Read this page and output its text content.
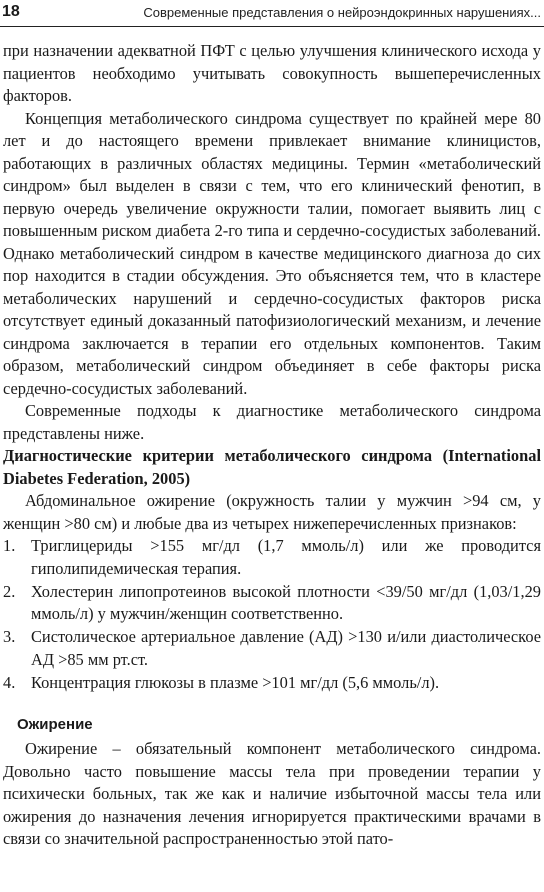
18	Современные представления о нейроэндокринных нарушениях...

при назначении адекватной ПФТ с целью улучшения клинического исхода у пациентов необходимо учитывать совокупность вышеперечисленных факторов.

Концепция метаболического синдрома существует по крайней мере 80 лет и до настоящего времени привлекает внимание клиницистов, работающих в различных областях медицины. Термин «метаболический синдром» был выделен в связи с тем, что его клинический фенотип, в первую очередь увеличение окружности талии, помогает выявить лиц с повышенным риском диабета 2-го типа и сердечно-сосудистых заболеваний. Однако метаболический синдром в качестве медицинского диагноза до сих пор находится в стадии обсуждения. Это объясняется тем, что в кластере метаболических нарушений и сердечно-сосудистых факторов риска отсутствует единый доказанный патофизиологический механизм, и лечение синдрома заключается в терапии его отдельных компонентов. Таким образом, метаболический синдром объединяет в себе факторы риска сердечно-сосудистых заболеваний.

Современные подходы к диагностике метаболического синдрома представлены ниже.

Диагностические критерии метаболического синдрома (International Diabetes Federation, 2005)

Абдоминальное ожирение (окружность талии у мужчин >94 см, у женщин >80 см) и любые два из четырех нижеперечисленных признаков:

1. Триглицериды >155 мг/дл (1,7 ммоль/л) или же проводится гиполипидемическая терапия.
2. Холестерин липопротеинов высокой плотности <39/50 мг/дл (1,03/1,29 ммоль/л) у мужчин/женщин соответственно.
3. Систолическое артериальное давление (АД) >130 и/или диастолическое АД >85 мм рт.ст.
4. Концентрация глюкозы в плазме >101 мг/дл (5,6 ммоль/л).
Ожирение

Ожирение – обязательный компонент метаболического синдрома. Довольно часто повышение массы тела при проведении терапии у психически больных, так же как и наличие избыточной массы тела или ожирения до назначения лечения игнорируется практическими врачами в связи со значительной распространенностью этой пато-
